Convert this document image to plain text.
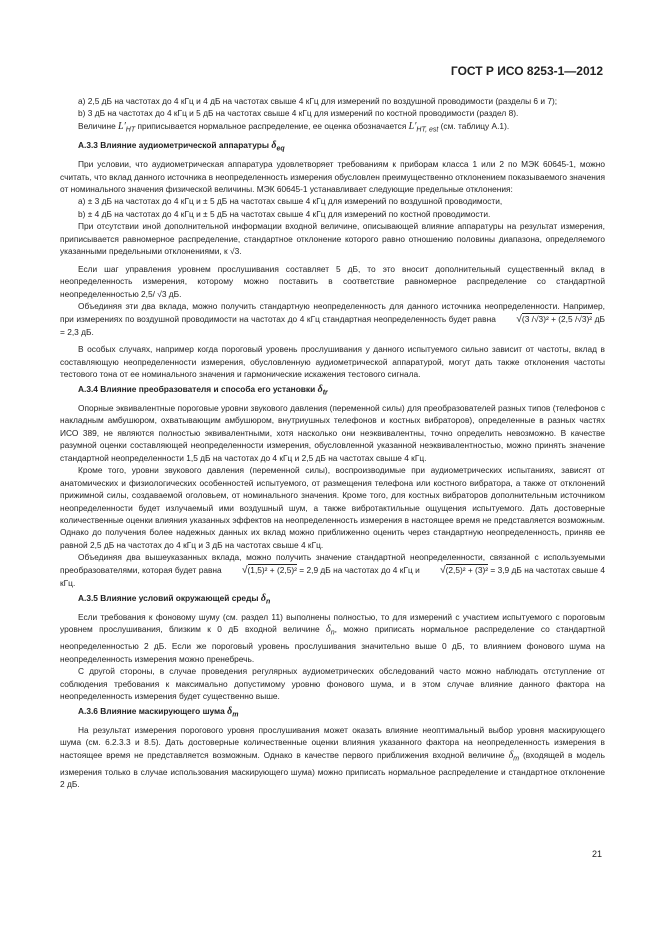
ГОСТ Р ИСО 8253-1—2012

а) 2,5 дБ на частотах до 4 кГц и 4 дБ на частотах свыше 4 кГц для измерений по воздушной проводимости (разделы 6 и 7);

b) 3 дБ на частотах до 4 кГц и 5 дБ на частотах свыше 4 кГц для измерений по костной проводимости (раздел 8).

Величине $L'_{HT}$ приписывается нормальное распределение, ее оценка обозначается $L'_{HT, est}$ (см. таблицу А.1).

А.3.3 Влияние аудиометрической аппаратуры $\delta_{eq}$

При условии, что аудиометрическая аппаратура удовлетворяет требованиям к приборам класса 1 или 2 по МЭК 60645-1, можно считать, что вклад данного источника в неопределенность измерения обусловлен преимущественно отклонением показываемого значения от номинального значения физической величины. МЭК 60645-1 устанавливает следующие предельные отклонения:

а) ± 3 дБ на частотах до 4 кГц и ± 5 дБ на частотах свыше 4 кГц для измерений по воздушной проводимости,

b) ± 4 дБ на частотах до 4 кГц и ± 5 дБ на частотах свыше 4 кГц для измерений по костной проводимости.

При отсутствии иной дополнительной информации входной величине, описывающей влияние аппаратуры на результат измерения, приписывается равномерное распределение, стандартное отклонение которого равно отношению половины диапазона, определяемого указанными предельными отклонениями, к √3.

Если шаг управления уровнем прослушивания составляет 5 дБ, то это вносит дополнительный существенный вклад в неопределенность измерения, которому можно поставить в соответствие равномерное распределение со стандартной неопределенностью 2,5/ √3 дБ.

Объединяя эти два вклада, можно получить стандартную неопределенность для данного источника неопределенности. Например, при измерениях по воздушной проводимости на частотах до 4 кГц стандартная неопределенность будет равна √(3 /√3)² + (2,5 /√3)² дБ = 2,3 дБ.

В особых случаях, например когда пороговый уровень прослушивания у данного испытуемого сильно зависит от частоты, вклад в составляющую неопределенности измерения, обусловленную аудиометрической аппаратурой, могут дать также отклонения частоты тестового тона от ее номинального значения и гармонические искажения тестового сигнала.

А.3.4 Влияние преобразователя и способа его установки $\delta_{tr}$

Опорные эквивалентные пороговые уровни звукового давления (переменной силы) для преобразователей разных типов (телефонов с накладным амбушюром, охватывающим амбушюром, внутриушных телефонов и костных вибраторов), определенные в разных частях ИСО 389, не являются полностью эквивалентными, хотя насколько они неэквивалентны, точно определить невозможно. В качестве разумной оценки составляющей неопределенности измерения, обусловленной указанной неэквивалентностью, можно принять значение стандартной неопределенности 1,5 дБ на частотах до 4 кГц и 2,5 дБ на частотах свыше 4 кГц.

Кроме того, уровни звукового давления (переменной силы), воспроизводимые при аудиометрических испытаниях, зависят от анатомических и физиологических особенностей испытуемого, от размещения телефона или костного вибратора, а также от отклонений прижимной силы, создаваемой оголовьем, от номинального значения. Кроме того, для костных вибраторов дополнительным источником неопределенности будет излучаемый ими воздушный шум, а также вибротактильные ощущения испытуемого. Дать достоверные количественные оценки влияния указанных эффектов на неопределенность измерения в настоящее время не представляется возможным. Однако до получения более надежных данных их вклад можно приближенно оценить через стандартную неопределенность, приняв ее равной 2,5 дБ на частотах до 4 кГц и 3 дБ на частотах свыше 4 кГц.

Объединяя два вышеуказанных вклада, можно получить значение стандартной неопределенности, связанной с используемыми преобразователями, которая будет равна √(1,5)² + (2,5)² = 2,9 дБ на частотах до 4 кГц и √(2,5)² + (3)² = 3,9 дБ на частотах свыше 4 кГц.

А.3.5 Влияние условий окружающей среды $\delta_n$

Если требования к фоновому шуму (см. раздел 11) выполнены полностью, то для измерений с участием испытуемого с пороговым уровнем прослушивания, близким к 0 дБ входной величине $\delta_n$, можно приписать нормальное распределение со стандартной неопределенностью 2 дБ. Если же пороговый уровень прослушивания значительно выше 0 дБ, то влиянием фонового шума на неопределенность измерения можно пренебречь.

С другой стороны, в случае проведения регулярных аудиометрических обследований часто можно наблюдать отступление от соблюдения требования к максимально допустимому уровню фонового шума, и в этом случае влияние данного фактора на неопределенность измерения будет существенно выше.

А.3.6 Влияние маскирующего шума $\delta_m$

На результат измерения порогового уровня прослушивания может оказать влияние неоптимальный выбор уровня маскирующего шума (см. 6.2.3.3 и 8.5). Дать достоверные количественные оценки влияния указанного фактора на неопределенность измерения в настоящее время не представляется возможным. Однако в качестве первого приближения входной величине $\delta_m$ (входящей в модель измерения только в случае использования маскирующего шума) можно приписать нормальное распределение и стандартное отклонение 2 дБ.

21
